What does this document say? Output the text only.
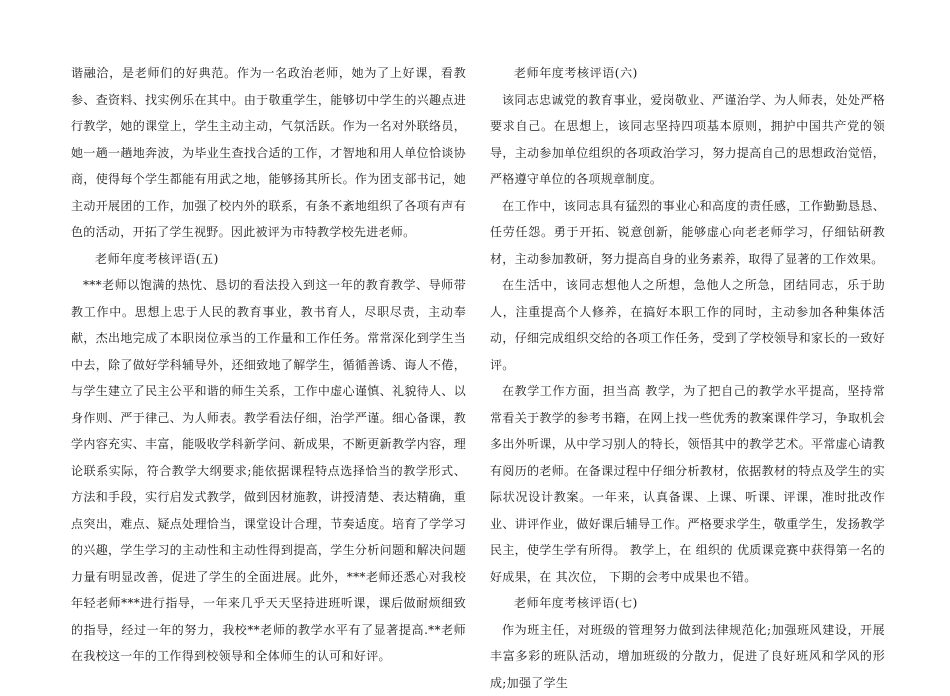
谐融洽，是老师们的好典范。作为一名政治老师，她为了上好课，看教参、查资料、找实例乐在其中。由于敬重学生，能够切中学生的兴趣点进行教学，她的课堂上，学生主动主动，气氛活跃。作为一名对外联络员，她一趟一趟地奔波，为毕业生查找合适的工作，才智地和用人单位恰谈协商，使得每个学生都能有用武之地，能够扬其所长。作为团支部书记，她主动开展团的工作，加强了校内外的联系，有条不紊地组织了各项有声有色的活动，开拓了学生视野。因此被评为市特教学校先进老师。

老师年度考核评语(五)

***老师以饱满的热忱、恳切的看法投入到这一年的教育教学、导师带教工作中。思想上忠于人民的教育事业，教书育人，尽职尽责，主动奉献，杰出地完成了本职岗位承当的工作量和工作任务。常常深化到学生当中去，除了做好学科辅导外，还细致地了解学生，循循善诱、诲人不倦，与学生建立了民主公平和谐的师生关系，工作中虚心谨慎、礼貌待人、以身作则、严于律己、为人师表。教学看法仔细，治学严谨。细心备课，教学内容充实、丰富，能吸收学科新学问、新成果，不断更新教学内容，理论联系实际，符合教学大纲要求;能依据课程特点选择恰当的教学形式、方法和手段，实行启发式教学，做到因材施教，讲授清楚、表达精确，重点突出，难点、疑点处理恰当，课堂设计合理，节奏适度。培育了学学习的兴趣，学生学习的主动性和主动性得到提高，学生分析问题和解决问题力量有明显改善，促进了学生的全面进展。此外，***老师还悉心对我校年轻老师***进行指导，一年来几乎天天坚持进班听课，课后做耐烦细致的指导，经过一年的努力，我校**老师的教学水平有了显著提高.**老师在我校这一年的工作得到校领导和全体师生的认可和好评。

老师年度考核评语(六)

该同志忠诚党的教育事业，爱岗敬业、严谨治学、为人师表，处处严格要求自己。在思想上，该同志坚持四项基本原则，拥护中国共产党的领导，主动参加单位组织的各项政治学习，努力提高自己的思想政治觉悟，严格遵守单位的各项规章制度。

在工作中，该同志具有猛烈的事业心和高度的责任感，工作勤勤恳恳、任劳任怨。勇于开拓、锐意创新，能够虚心向老老师学习，仔细钻研教材，主动参加教研，努力提高自身的业务素养，取得了显著的工作效果。

在生活中，该同志想他人之所想，急他人之所急，团结同志，乐于助人，注重提高个人修养，在搞好本职工作的同时，主动参加各种集体活动，仔细完成组织交给的各项工作任务，受到了学校领导和家长的一致好评。

在教学工作方面，担当高 教学，为了把自己的教学水平提高，坚持常常看关于教学的参考书籍，在网上找一些优秀的教案课件学习，争取机会多出外听课，从中学习别人的特长，领悟其中的教学艺术。平常虚心请教有阅历的老师。在备课过程中仔细分析教材，依据教材的特点及学生的实际状况设计教案。一年来，认真备课、上课、听课、评课，准时批改作业、讲评作业，做好课后辅导工作。严格要求学生，敬重学生，发扬教学民主，使学生学有所得。 教学上，在 组织的 优质课竞赛中获得第一名的好成果，在 其次位， 下期的会考中成果也不错。

老师年度考核评语(七)

作为班主任，对班级的管理努力做到法律规范化;加强班风建设，开展丰富多彩的班队活动，增加班级的分散力，促进了良好班风和学风的形成;加强了学生
